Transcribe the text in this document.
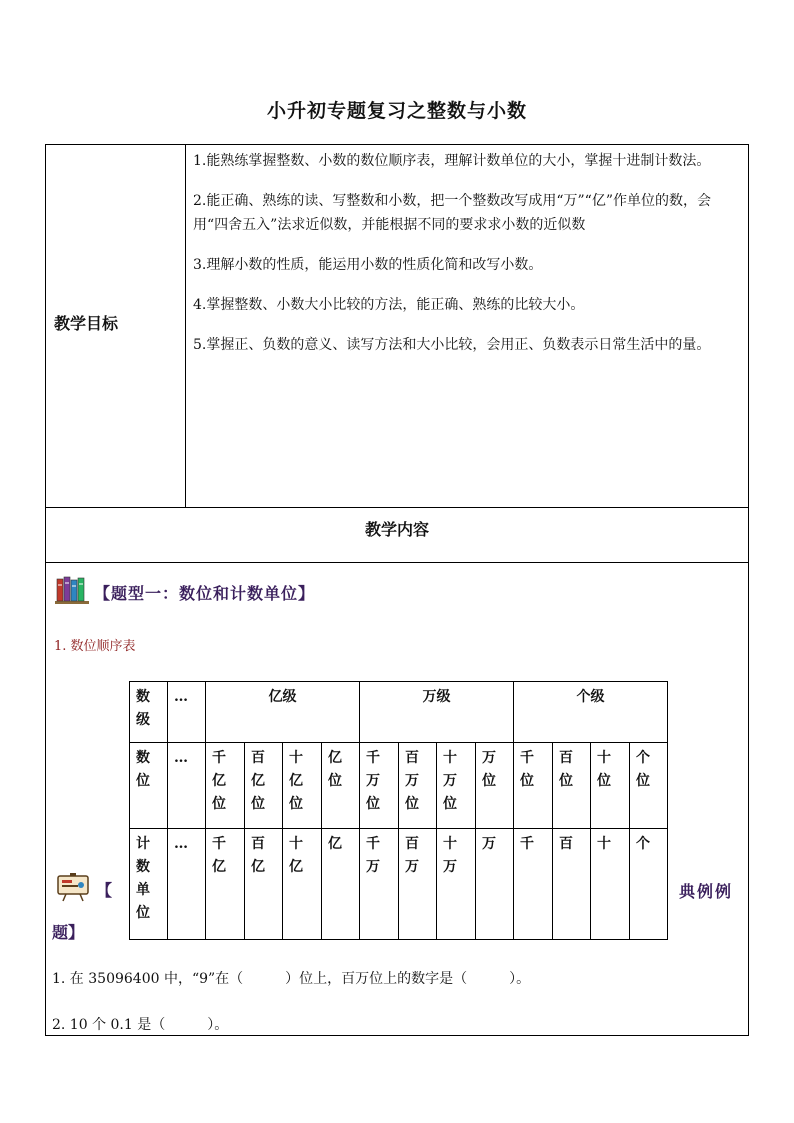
小升初专题复习之整数与小数
教学目标
1.能熟练掌握整数、小数的数位顺序表，理解计数单位的大小，掌握十进制计数法。
2.能正确、熟练的读、写整数和小数，把一个整数改写成用“万”“亿”作单位的数，会用“四舍五入”法求近似数，并能根据不同的要求求小数的近似数
3.理解小数的性质，能运用小数的性质化简和改写小数。
4.掌握整数、小数大小比较的方法，能正确、熟练的比较大小。
5.掌握正、负数的意义、读写方法和大小比较，会用正、负数表示日常生活中的量。
教学内容
【题型一：数位和计数单位】
1. 数位顺序表
数级	…	亿级				万级				个级			

数位	…	千亿位	百亿位	十亿位	亿位	千万位	百万位	十万位	万位	千位	百位	十位	个位

计数单位	…	千亿	百亿	十亿	亿	千万	百万	十万	万	千	百	十	个
【	典例例
题】
1. 在 35096400 中，“9”在（　　　）位上，百万位上的数字是（　　　）。
2. 10 个 0.1 是（　　　）。
